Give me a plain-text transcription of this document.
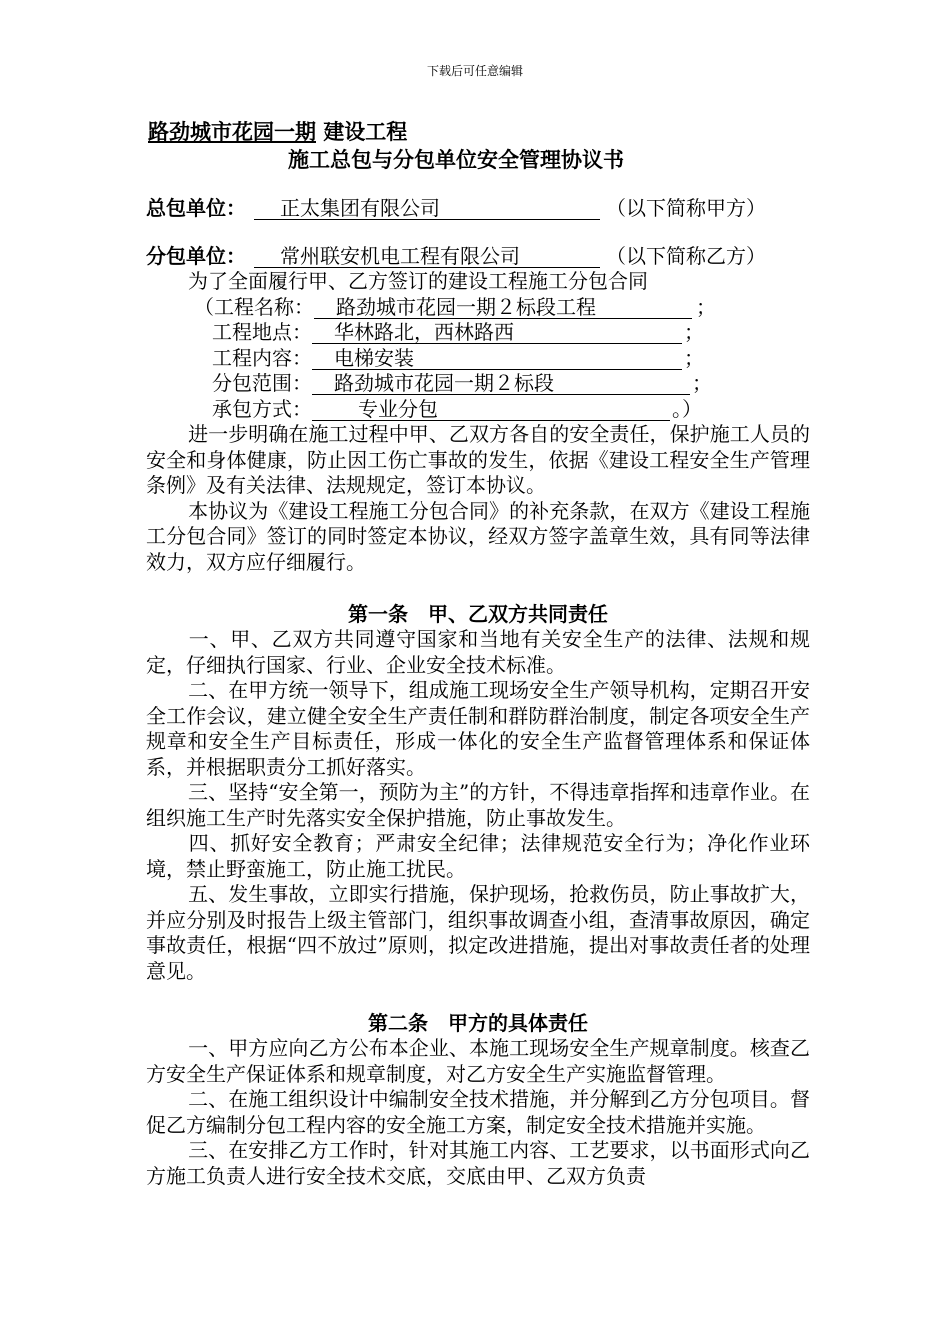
下载后可任意编辑
路劲城市花园一期 建设工程
施工总包与分包单位安全管理协议书
总包单位：	正太集团有限公司	（以下简称甲方）
分包单位：	常州联安机电工程有限公司	（以下简称乙方）
为了全面履行甲、乙方签订的建设工程施工分包合同
（工程名称：	路劲城市花园一期２标段工程	；
工程地点：	华林路北，西林路西	；
工程内容：	电梯安装	；
分包范围：	路劲城市花园一期２标段	；
承包方式：	专业分包	。）
进一步明确在施工过程中甲、乙双方各自的安全责任，保护施工人员的安全和身体健康，防止因工伤亡事故的发生，依据《建设工程安全生产管理条例》及有关法律、法规规定，签订本协议。
本协议为《建设工程施工分包合同》的补充条款，在双方《建设工程施工分包合同》签订的同时签定本协议，经双方签字盖章生效，具有同等法律效力，双方应仔细履行。
第一条　甲、乙双方共同责任
一、甲、乙双方共同遵守国家和当地有关安全生产的法律、法规和规定，仔细执行国家、行业、企业安全技术标准。
二、在甲方统一领导下，组成施工现场安全生产领导机构，定期召开安全工作会议，建立健全安全生产责任制和群防群治制度，制定各项安全生产规章和安全生产目标责任，形成一体化的安全生产监督管理体系和保证体系，并根据职责分工抓好落实。
三、坚持“安全第一，预防为主”的方针，不得违章指挥和违章作业。在组织施工生产时先落实安全保护措施，防止事故发生。
四、抓好安全教育；严肃安全纪律；法律规范安全行为；净化作业环境，禁止野蛮施工，防止施工扰民。
五、发生事故，立即实行措施，保护现场，抢救伤员，防止事故扩大，并应分别及时报告上级主管部门，组织事故调查小组，查清事故原因，确定事故责任，根据“四不放过”原则，拟定改进措施，提出对事故责任者的处理意见。
第二条　甲方的具体责任
一、甲方应向乙方公布本企业、本施工现场安全生产规章制度。核查乙方安全生产保证体系和规章制度，对乙方安全生产实施监督管理。
二、在施工组织设计中编制安全技术措施，并分解到乙方分包项目。督促乙方编制分包工程内容的安全施工方案，制定安全技术措施并实施。
三、在安排乙方工作时，针对其施工内容、工艺要求，以书面形式向乙方施工负责人进行安全技术交底，交底由甲、乙双方负责
